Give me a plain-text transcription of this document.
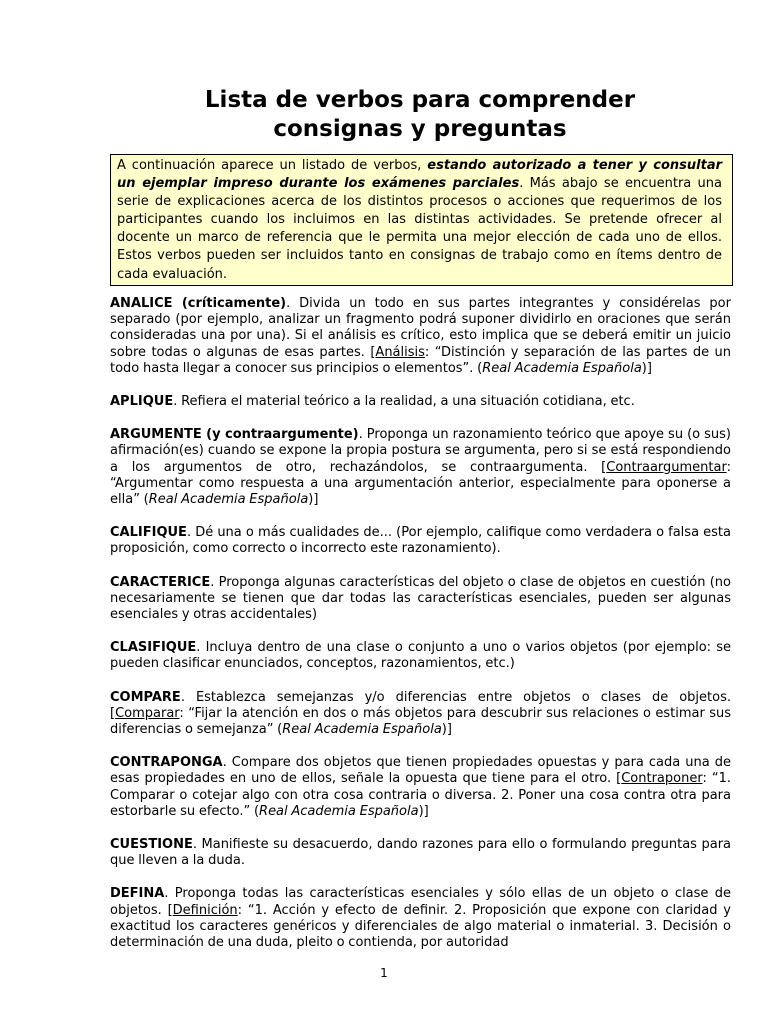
Lista de verbos para comprender
consignas y preguntas
A continuación aparece un listado de verbos, estando autorizado a tener y consultar un ejemplar impreso durante los exámenes parciales. Más abajo se encuentra una serie de explicaciones acerca de los distintos procesos o acciones que requerimos de los participantes cuando los incluimos en las distintas actividades. Se pretende ofrecer al docente un marco de referencia que le permita una mejor elección de cada uno de ellos. Estos verbos pueden ser incluidos tanto en consignas de trabajo como en ítems dentro de cada evaluación.

ANALICE (críticamente). Divida un todo en sus partes integrantes y considérelas por separado (por ejemplo, analizar un fragmento podrá suponer dividirlo en oraciones que serán consideradas una por una). Si el análisis es crítico, esto implica que se deberá emitir un juicio sobre todas o algunas de esas partes. [Análisis: “Distinción y separación de las partes de un todo hasta llegar a conocer sus principios o elementos”. (Real Academia Española)]

APLIQUE. Refiera el material teórico a la realidad, a una situación cotidiana, etc.

ARGUMENTE (y contraargumente). Proponga un razonamiento teórico que apoye su (o sus) afirmación(es) cuando se expone la propia postura se argumenta, pero si se está respondiendo a los argumentos de otro, rechazándolos, se contraargumenta. [Contraargumentar: “Argumentar como respuesta a una argumentación anterior, especialmente para oponerse a ella” (Real Academia Española)]

CALIFIQUE. Dé una o más cualidades de... (Por ejemplo, califique como verdadera o falsa esta proposición, como correcto o incorrecto este razonamiento).

CARACTERICE. Proponga algunas características del objeto o clase de objetos en cuestión (no necesariamente se tienen que dar todas las características esenciales, pueden ser algunas esenciales y otras accidentales)

CLASIFIQUE. Incluya dentro de una clase o conjunto a uno o varios objetos (por ejemplo: se pueden clasificar enunciados, conceptos, razonamientos, etc.)

COMPARE. Establezca semejanzas y/o diferencias entre objetos o clases de objetos. [Comparar: “Fijar la atención en dos o más objetos para descubrir sus relaciones o estimar sus diferencias o semejanza” (Real Academia Española)]

CONTRAPONGA. Compare dos objetos que tienen propiedades opuestas y para cada una de esas propiedades en uno de ellos, señale la opuesta que tiene para el otro. [Contraponer: “1. Comparar o cotejar algo con otra cosa contraria o diversa. 2. Poner una cosa contra otra para estorbarle su efecto.” (Real Academia Española)]

CUESTIONE. Manifieste su desacuerdo, dando razones para ello o formulando preguntas para que lleven a la duda.

DEFINA. Proponga todas las características esenciales y sólo ellas de un objeto o clase de objetos. [Definición: “1. Acción y efecto de definir. 2. Proposición que expone con claridad y exactitud los caracteres genéricos y diferenciales de algo material o inmaterial. 3. Decisión o determinación de una duda, pleito o contienda, por autoridad

1
